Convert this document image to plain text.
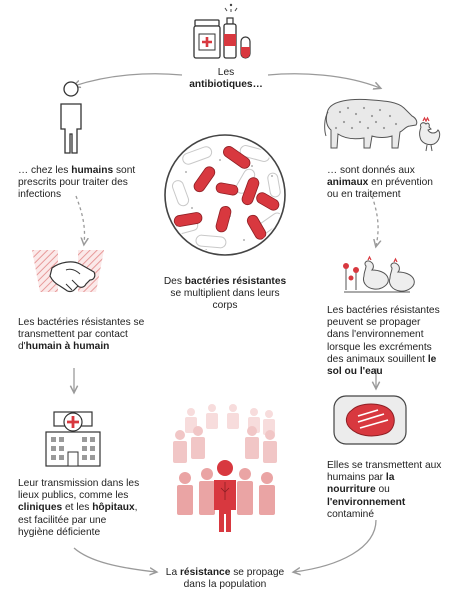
Les
antibiotiques…
… chez les humains sont prescrits pour traiter des infections
… sont donnés aux animaux en prévention ou en traitement
Des bactéries résistantes se multiplient dans leurs corps
Les bactéries résistantes se transmettent par contact d'humain à humain
Les bactéries résistantes peuvent se propager dans l'environnement lorsque les excréments des animaux souillent le sol ou l'eau
Leur transmission dans les lieux publics, comme les cliniques et les hôpitaux, est facilitée par une hygiène déficiente
Elles se transmettent aux humains par la nourriture ou l'environnement contaminé
La résistance se propage dans la population
